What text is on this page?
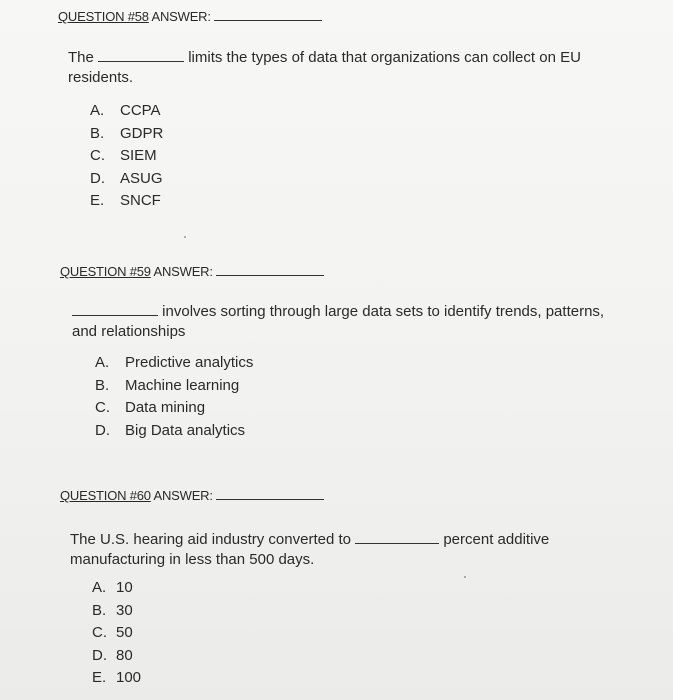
QUESTION #58 ANSWER:
The	limits the types of data that organizations can collect on EU
residents.
A.	CCPA
B.	GDPR
C.	SIEM
D.	ASUG
E.	SNCF
QUESTION #59 ANSWER:
involves sorting through large data sets to identify trends, patterns,
and relationships
A.	Predictive analytics
B.	Machine learning
C.	Data mining
D.	Big Data analytics
QUESTION #60 ANSWER:
The U.S. hearing aid industry converted to	percent additive
manufacturing in less than 500 days.
A. 10
B. 30
C. 50
D. 80
E. 100
